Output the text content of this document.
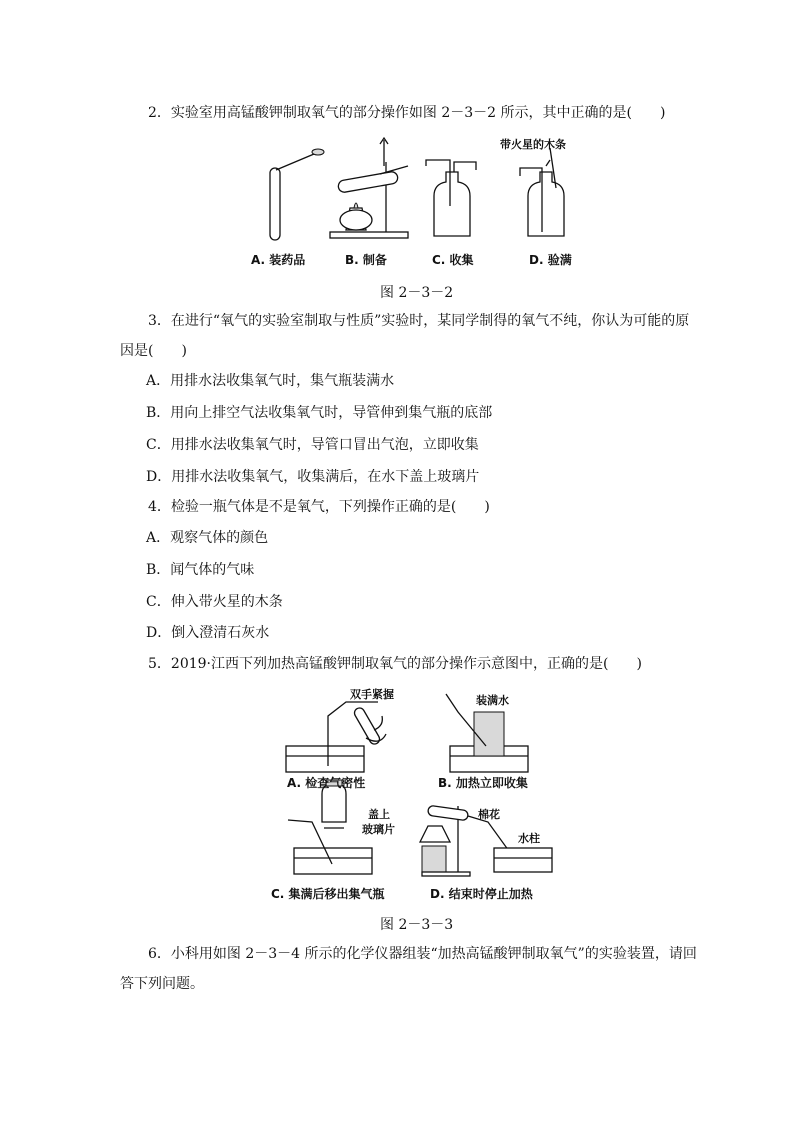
2．实验室用高锰酸钾制取氧气的部分操作如图 2－3－2 所示，其中正确的是(　　)
带火星的木条
A. 装药品	B. 制备	C. 收集	D. 验满
图 2－3－2
3．在进行“氧气的实验室制取与性质”实验时，某同学制得的氧气不纯，你认为可能的原
因是(　　)
A．用排水法收集氧气时，集气瓶装满水
B．用向上排空气法收集氧气时，导管伸到集气瓶的底部
C．用排水法收集氧气时，导管口冒出气泡，立即收集
D．用排水法收集氧气，收集满后，在水下盖上玻璃片
4．检验一瓶气体是不是氧气，下列操作正确的是(　　)
A．观察气体的颜色
B．闻气体的气味
C．伸入带火星的木条
D．倒入澄清石灰水
5．2019·江西下列加热高锰酸钾制取氧气的部分操作示意图中，正确的是(　　)
双手紧握	装满水
盖上
玻璃片
棉花
水柱
A. 检查气密性	B. 加热立即收集
C. 集满后移出集气瓶	D. 结束时停止加热
图 2－3－3
6．小科用如图 2－3－4 所示的化学仪器组装“加热高锰酸钾制取氧气”的实验装置，请回
答下列问题。
